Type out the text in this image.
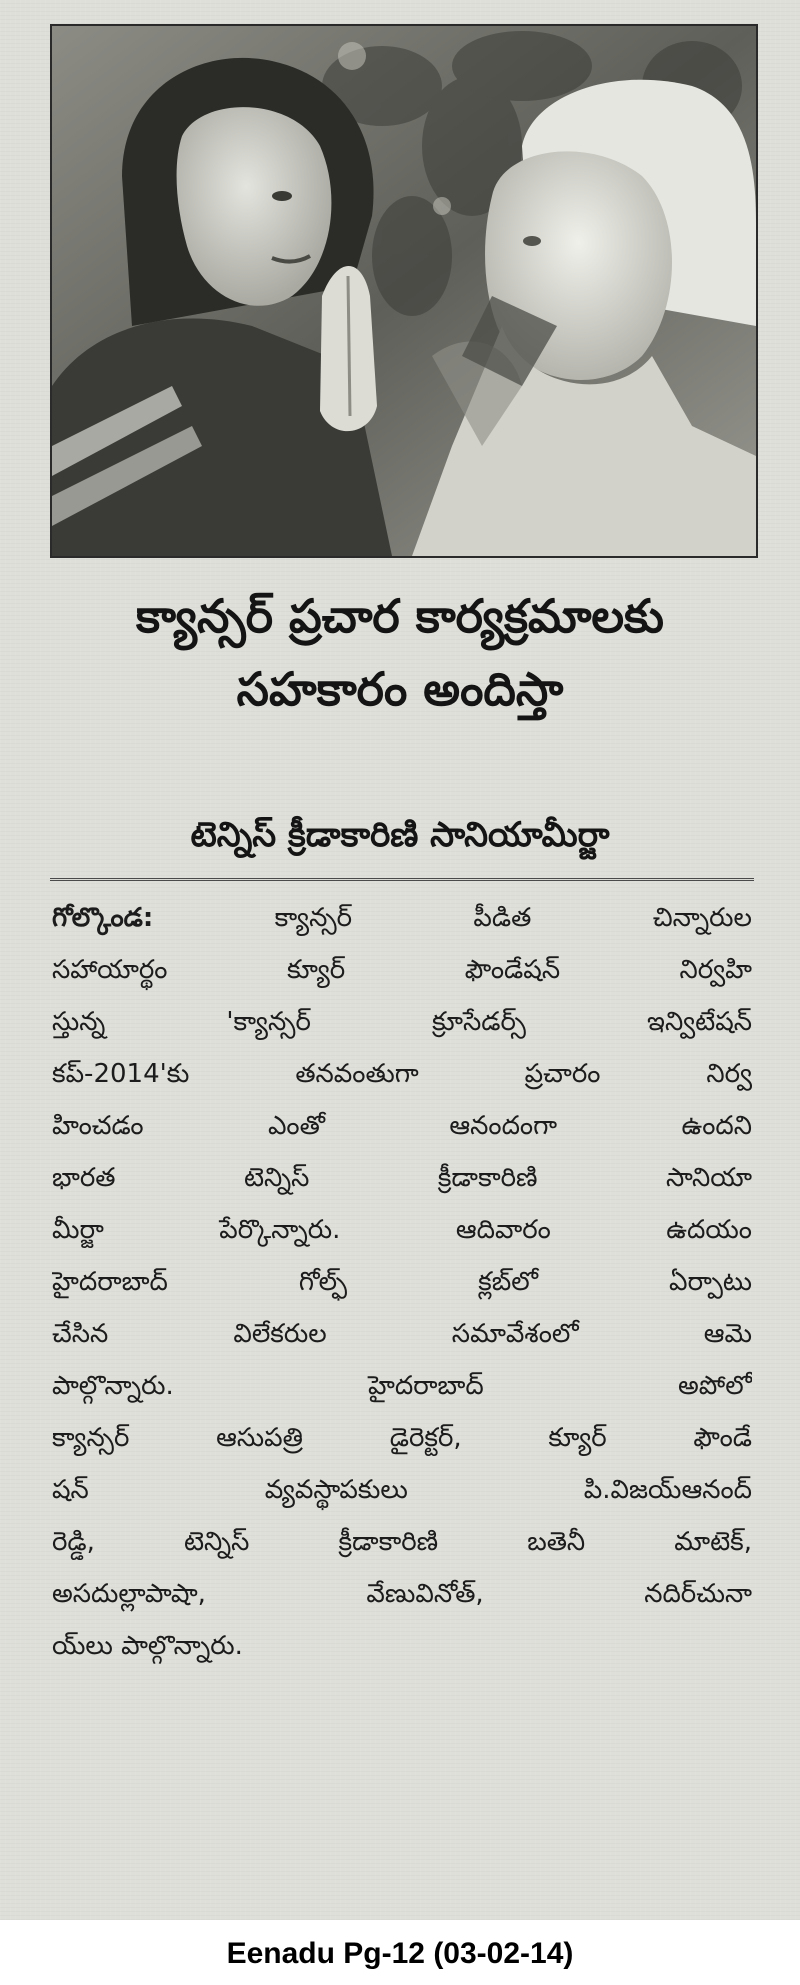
క్యాన్సర్ ప్రచార కార్యక్రమాలకు
సహకారం అందిస్తా
టెన్నిస్ క్రీడాకారిణి సానియామీర్జా
గోల్కొండ: క్యాన్సర్ పీడిత చిన్నారుల
సహాయార్థం క్యూర్ ఫౌండేషన్ నిర్వహి
స్తున్న 'క్యాన్సర్ క్రూసేడర్స్ ఇన్విటేషన్
కప్-2014'కు తనవంతుగా ప్రచారం నిర్వ
హించడం ఎంతో ఆనందంగా ఉందని
భారత టెన్నిస్ క్రీడాకారిణి సానియా
మీర్జా పేర్కొన్నారు. ఆదివారం ఉదయం
హైదరాబాద్ గోల్ఫ్ క్లబ్‌లో ఏర్పాటు
చేసిన విలేకరుల సమావేశంలో ఆమె
పాల్గొన్నారు. హైదరాబాద్ అపోలో
క్యాన్సర్ ఆసుపత్రి డైరెక్టర్, క్యూర్ ఫౌండే
షన్ వ్యవస్థాపకులు పి.విజయ్‌ఆనంద్
రెడ్డి, టెన్నిస్ క్రీడాకారిణి బతెనీ మాటెక్,
అసదుల్లాపాషా, వేణువినోత్, నదిర్‌చునా
య్‌లు పాల్గొన్నారు.
Eenadu Pg-12 (03-02-14)
